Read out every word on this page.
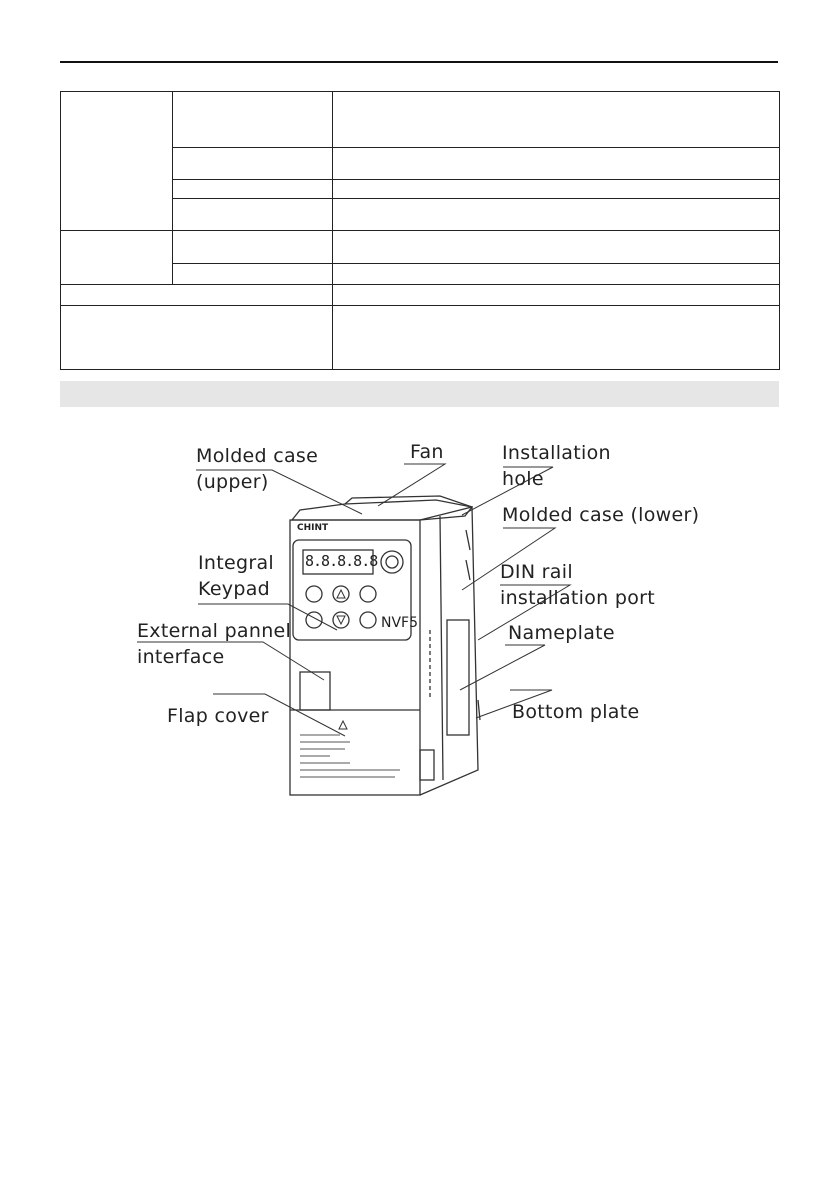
Molded case
(upper)
Fan	Installation
hole
Molded case (lower)
Integral
Keypad
DIN rail
installation port
External pannel
interface
Nameplate
Flap cover	Bottom plate
CHINT
NVF5
8.8.8.8.8
